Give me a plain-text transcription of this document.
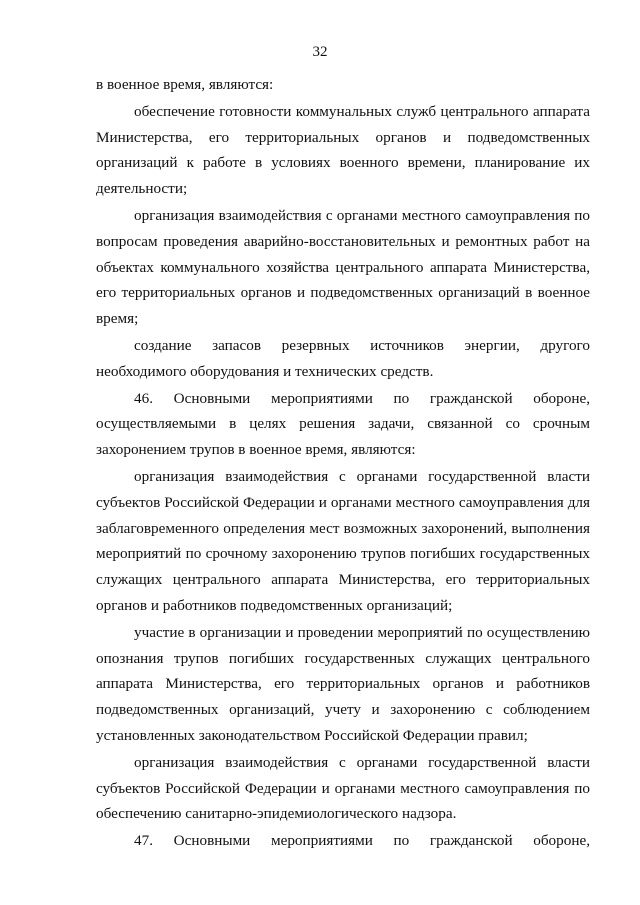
32

в военное время, являются:

обеспечение готовности коммунальных служб центрального аппарата Министерства, его территориальных органов и подведомственных организаций к работе в условиях военного времени, планирование их деятельности;

организация взаимодействия с органами местного самоуправления по вопросам проведения аварийно-восстановительных и ремонтных работ на объектах коммунального хозяйства центрального аппарата Министерства, его территориальных органов и подведомственных организаций в военное время;

создание запасов резервных источников энергии, другого необходимого оборудования и технических средств.

46. Основными мероприятиями по гражданской обороне, осуществляемыми в целях решения задачи, связанной со срочным захоронением трупов в военное время, являются:

организация взаимодействия с органами государственной власти субъектов Российской Федерации и органами местного самоуправления для заблаговременного определения мест возможных захоронений, выполнения мероприятий по срочному захоронению трупов погибших государственных служащих центрального аппарата Министерства, его территориальных органов и работников подведомственных организаций;

участие в организации и проведении мероприятий по осуществлению опознания трупов погибших государственных служащих центрального аппарата Министерства, его территориальных органов и работников подведомственных организаций, учету и захоронению с соблюдением установленных законодательством Российской Федерации правил;

организация взаимодействия с органами государственной власти субъектов Российской Федерации и органами местного самоуправления по обеспечению санитарно-эпидемиологического надзора.

47. Основными мероприятиями по гражданской обороне,
